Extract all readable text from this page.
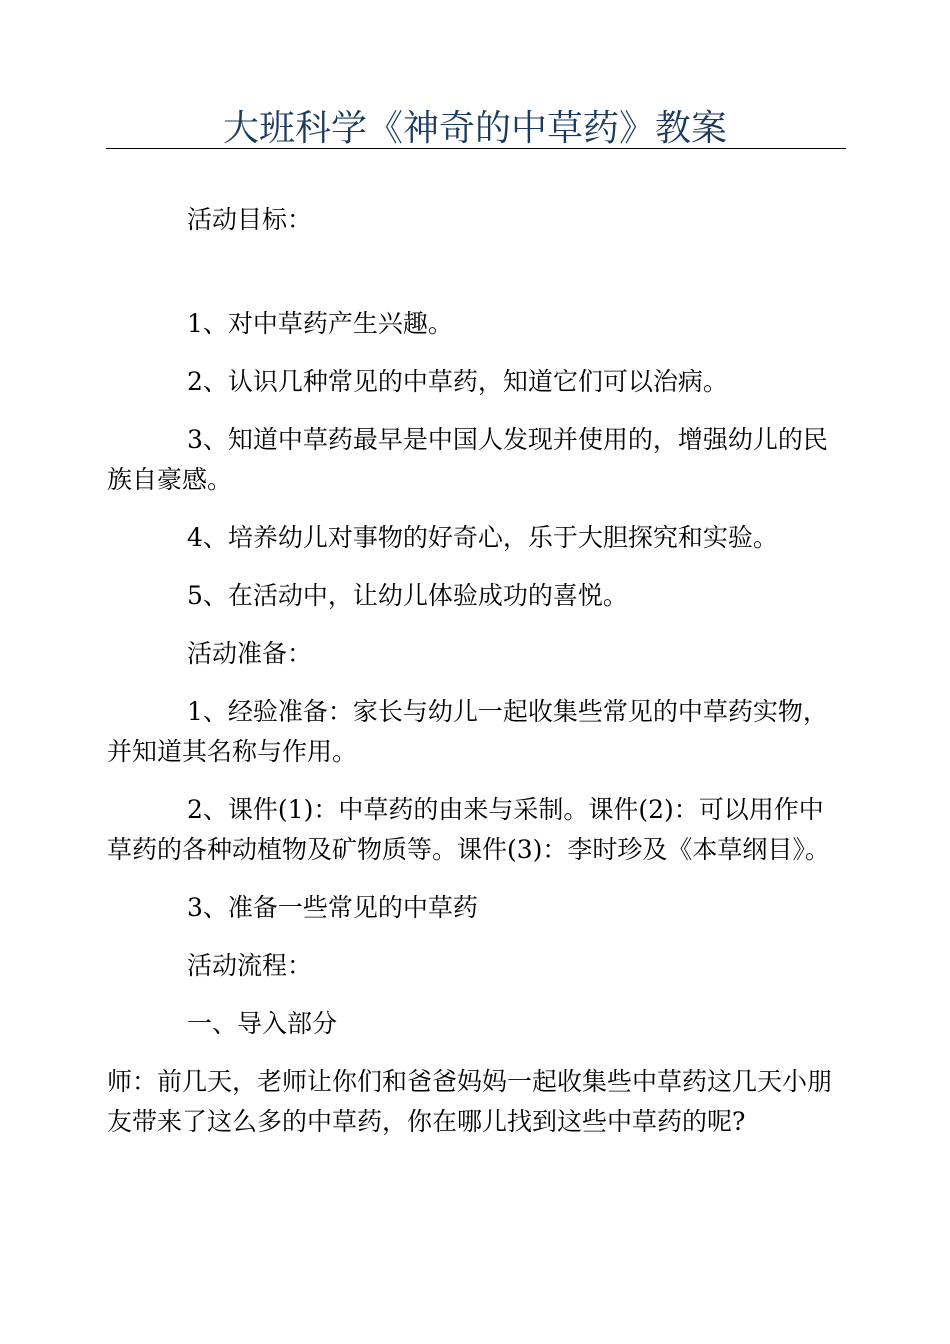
大班科学《神奇的中草药》教案

活动目标：

1、对中草药产生兴趣。

2、认识几种常见的中草药，知道它们可以治病。

3、知道中草药最早是中国人发现并使用的，增强幼儿的民族自豪感。

4、培养幼儿对事物的好奇心，乐于大胆探究和实验。

5、在活动中，让幼儿体验成功的喜悦。

活动准备：

1、经验准备：家长与幼儿一起收集些常见的中草药实物，并知道其名称与作用。

2、课件(1)：中草药的由来与采制。课件(2)：可以用作中草药的各种动植物及矿物质等。课件(3)：李时珍及《本草纲目》。

3、准备一些常见的中草药

活动流程：

一、导入部分

师：前几天，老师让你们和爸爸妈妈一起收集些中草药这几天小朋友带来了这么多的中草药，你在哪儿找到这些中草药的呢?
